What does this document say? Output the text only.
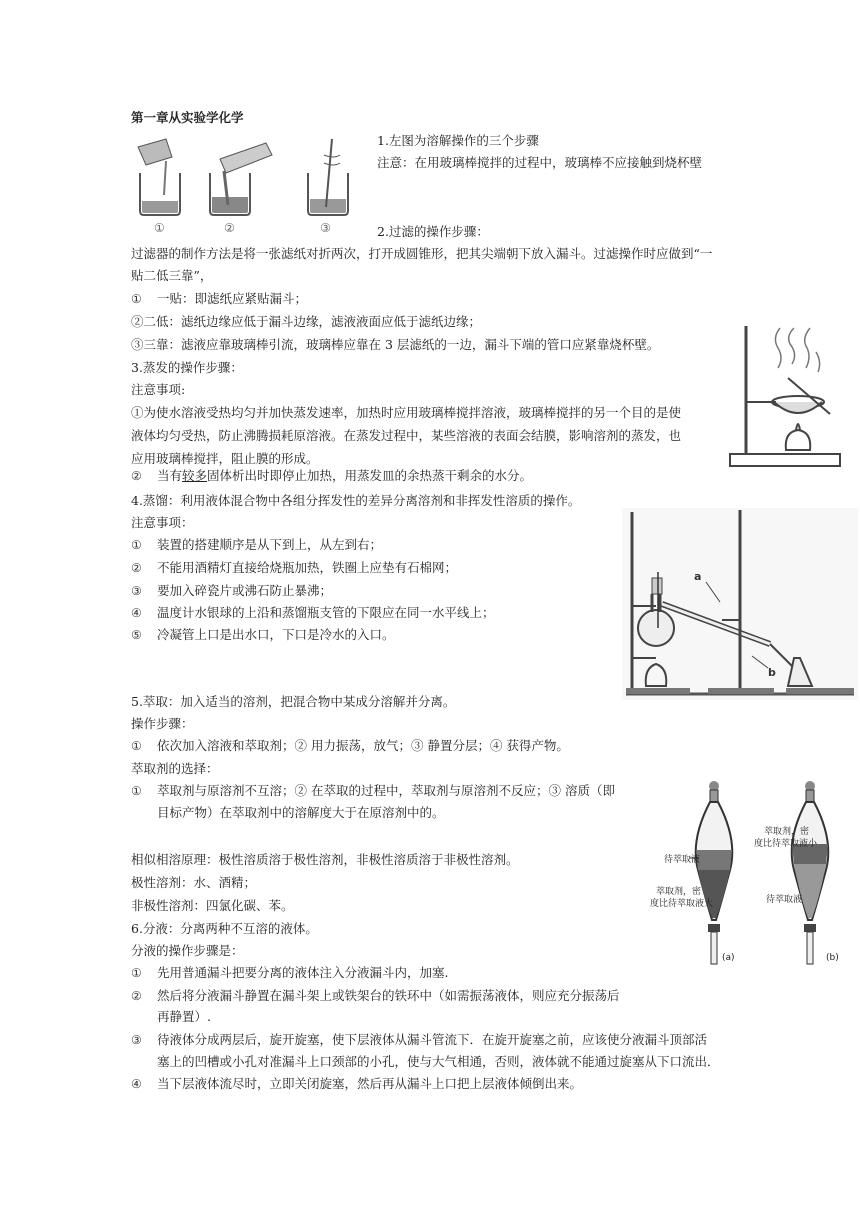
第一章从实验学化学
①	②	③
1.左图为溶解操作的三个步骤
注意：在用玻璃棒搅拌的过程中，玻璃棒不应接触到烧杯壁
2.过滤的操作步骤：
过滤器的制作方法是将一张滤纸对折两次，打开成圆锥形，把其尖端朝下放入漏斗。过滤操作时应做到“一
贴二低三靠”，
① 一贴：即滤纸应紧贴漏斗；
②二低：滤纸边缘应低于漏斗边缘，滤液液面应低于滤纸边缘；
③三靠：滤液应靠玻璃棒引流，玻璃棒应靠在 3 层滤纸的一边，漏斗下端的管口应紧靠烧杯壁。
3.蒸发的操作步骤：
注意事项:
①为使水溶液受热均匀并加快蒸发速率，加热时应用玻璃棒搅拌溶液，玻璃棒搅拌的另一个目的是使
液体均匀受热，防止沸腾损耗原溶液。在蒸发过程中，某些溶液的表面会结膜，影响溶剂的蒸发，也
应用玻璃棒搅拌，阻止膜的形成。
② 当有较多固体析出时即停止加热，用蒸发皿的余热蒸干剩余的水分。
4.蒸馏：利用液体混合物中各组分挥发性的差异分离溶剂和非挥发性溶质的操作。
注意事项：
① 装置的搭建顺序是从下到上，从左到右；
② 不能用酒精灯直接给烧瓶加热，铁圈上应垫有石棉网；
③ 要加入碎瓷片或沸石防止暴沸；
④ 温度计水银球的上沿和蒸馏瓶支管的下限应在同一水平线上；
⑤ 冷凝管上口是出水口，下口是冷水的入口。
a
b
5.萃取：加入适当的溶剂，把混合物中某成分溶解并分离。
操作步骤：
① 依次加入溶液和萃取剂；② 用力振荡，放气；③ 静置分层；④ 获得产物。
萃取剂的选择：
① 萃取剂与原溶剂不互溶；② 在萃取的过程中，萃取剂与原溶剂不反应；③ 溶质（即
目标产物）在萃取剂中的溶解度大于在原溶剂中的。
相似相溶原理：极性溶质溶于极性溶剂，非极性溶质溶于非极性溶剂。
极性溶剂：水、酒精；
非极性溶剂：四氯化碳、苯。
待萃取液
萃取剂，密
度比待萃取液大
(a)
萃取剂，密
度比待萃取液小
待萃取液
(b)
6.分液：分离两种不互溶的液体。
分液的操作步骤是：
① 先用普通漏斗把要分离的液体注入分液漏斗内，加塞.
② 然后将分液漏斗静置在漏斗架上或铁架台的铁环中（如需振荡液体，则应充分振荡后
再静置）.
③ 待液体分成两层后，旋开旋塞，使下层液体从漏斗管流下．在旋开旋塞之前，应该使分液漏斗顶部活
塞上的凹槽或小孔对准漏斗上口颈部的小孔，使与大气相通，否则，液体就不能通过旋塞从下口流出．
④ 当下层液体流尽时，立即关闭旋塞，然后再从漏斗上口把上层液体倾倒出来。
